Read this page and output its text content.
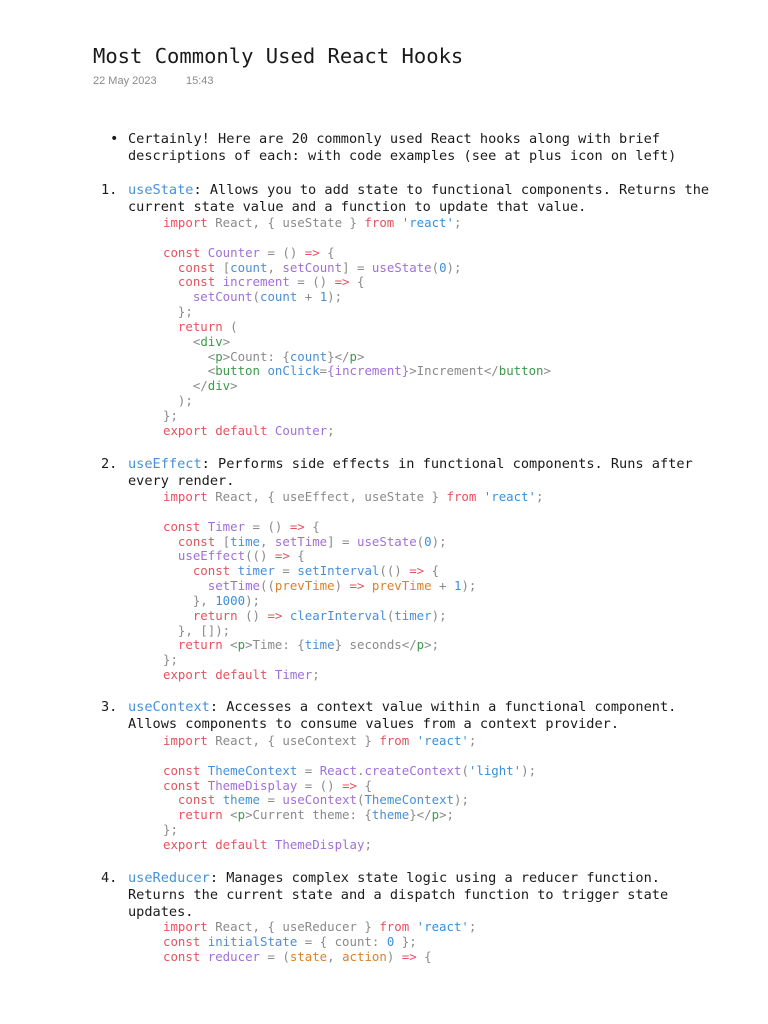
Most Commonly Used React Hooks
22 May 2023	15:43
• Certainly! Here are 20 commonly used React hooks along with brief
descriptions of each: with code examples (see at plus icon on left)
1. useState: Allows you to add state to functional components. Returns the
current state value and a function to update that value.
import React, { useState } from 'react';
const Counter = () => {
const [count, setCount] = useState(0);
const increment = () => {
setCount(count + 1);
};
return (
<div>
<p>Count: {count}</p>
<button onClick={increment}>Increment</button>
</div>
);
};
export default Counter;
2. useEffect: Performs side effects in functional components. Runs after
every render.
import React, { useEffect, useState } from 'react';
const Timer = () => {
const [time, setTime] = useState(0);
useEffect(() => {
const timer = setInterval(() => {
setTime((prevTime) => prevTime + 1);
}, 1000);
return () => clearInterval(timer);
}, []);
return <p>Time: {time} seconds</p>;
};
export default Timer;
3. useContext: Accesses a context value within a functional component.
Allows components to consume values from a context provider.
import React, { useContext } from 'react';
const ThemeContext = React.createContext('light');
const ThemeDisplay = () => {
const theme = useContext(ThemeContext);
return <p>Current theme: {theme}</p>;
};
export default ThemeDisplay;
4. useReducer: Manages complex state logic using a reducer function.
Returns the current state and a dispatch function to trigger state
updates.
import React, { useReducer } from 'react';
const initialState = { count: 0 };
const reducer = (state, action) => {
